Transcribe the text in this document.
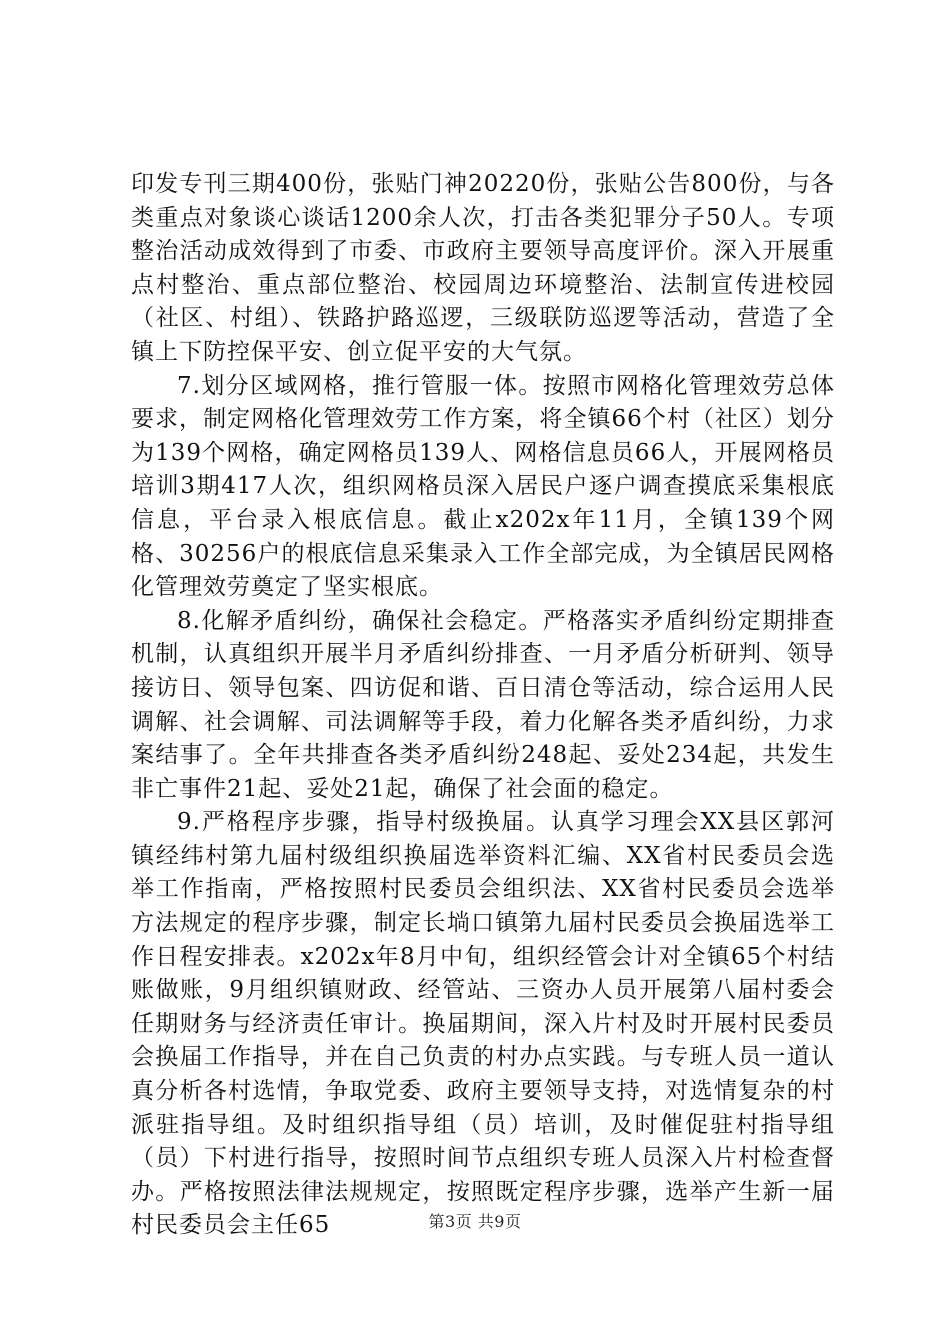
印发专刊三期400份，张贴门神20220份，张贴公告800份，与各类重点对象谈心谈话1200余人次，打击各类犯罪分子50人。专项整治活动成效得到了市委、市政府主要领导高度评价。深入开展重点村整治、重点部位整治、校园周边环境整治、法制宣传进校园（社区、村组）、铁路护路巡逻，三级联防巡逻等活动，营造了全镇上下防控保平安、创立促平安的大气氛。

7.划分区域网格，推行管服一体。按照市网格化管理效劳总体要求，制定网格化管理效劳工作方案，将全镇66个村（社区）划分为139个网格，确定网格员139人、网格信息员66人，开展网格员培训3期417人次，组织网格员深入居民户逐户调查摸底采集根底信息，平台录入根底信息。截止x202x年11月，全镇139个网格、30256户的根底信息采集录入工作全部完成，为全镇居民网格化管理效劳奠定了坚实根底。

8.化解矛盾纠纷，确保社会稳定。严格落实矛盾纠纷定期排查机制，认真组织开展半月矛盾纠纷排查、一月矛盾分析研判、领导接访日、领导包案、四访促和谐、百日清仓等活动，综合运用人民调解、社会调解、司法调解等手段，着力化解各类矛盾纠纷，力求案结事了。全年共排查各类矛盾纠纷248起、妥处234起，共发生非亡事件21起、妥处21起，确保了社会面的稳定。

9.严格程序步骤，指导村级换届。认真学习理会XX县区郭河镇经纬村第九届村级组织换届选举资料汇编、XX省村民委员会选举工作指南，严格按照村民委员会组织法、XX省村民委员会选举方法规定的程序步骤，制定长埫口镇第九届村民委员会换届选举工作日程安排表。x202x年8月中旬，组织经管会计对全镇65个村结账做账，9月组织镇财政、经管站、三资办人员开展第八届村委会任期财务与经济责任审计。换届期间，深入片村及时开展村民委员会换届工作指导，并在自己负责的村办点实践。与专班人员一道认真分析各村选情，争取党委、政府主要领导支持，对选情复杂的村派驻指导组。及时组织指导组（员）培训，及时催促驻村指导组（员）下村进行指导，按照时间节点组织专班人员深入片村检查督办。严格按照法律法规规定，按照既定程序步骤，选举产生新一届村民委员会主任65	第3页 共9页
